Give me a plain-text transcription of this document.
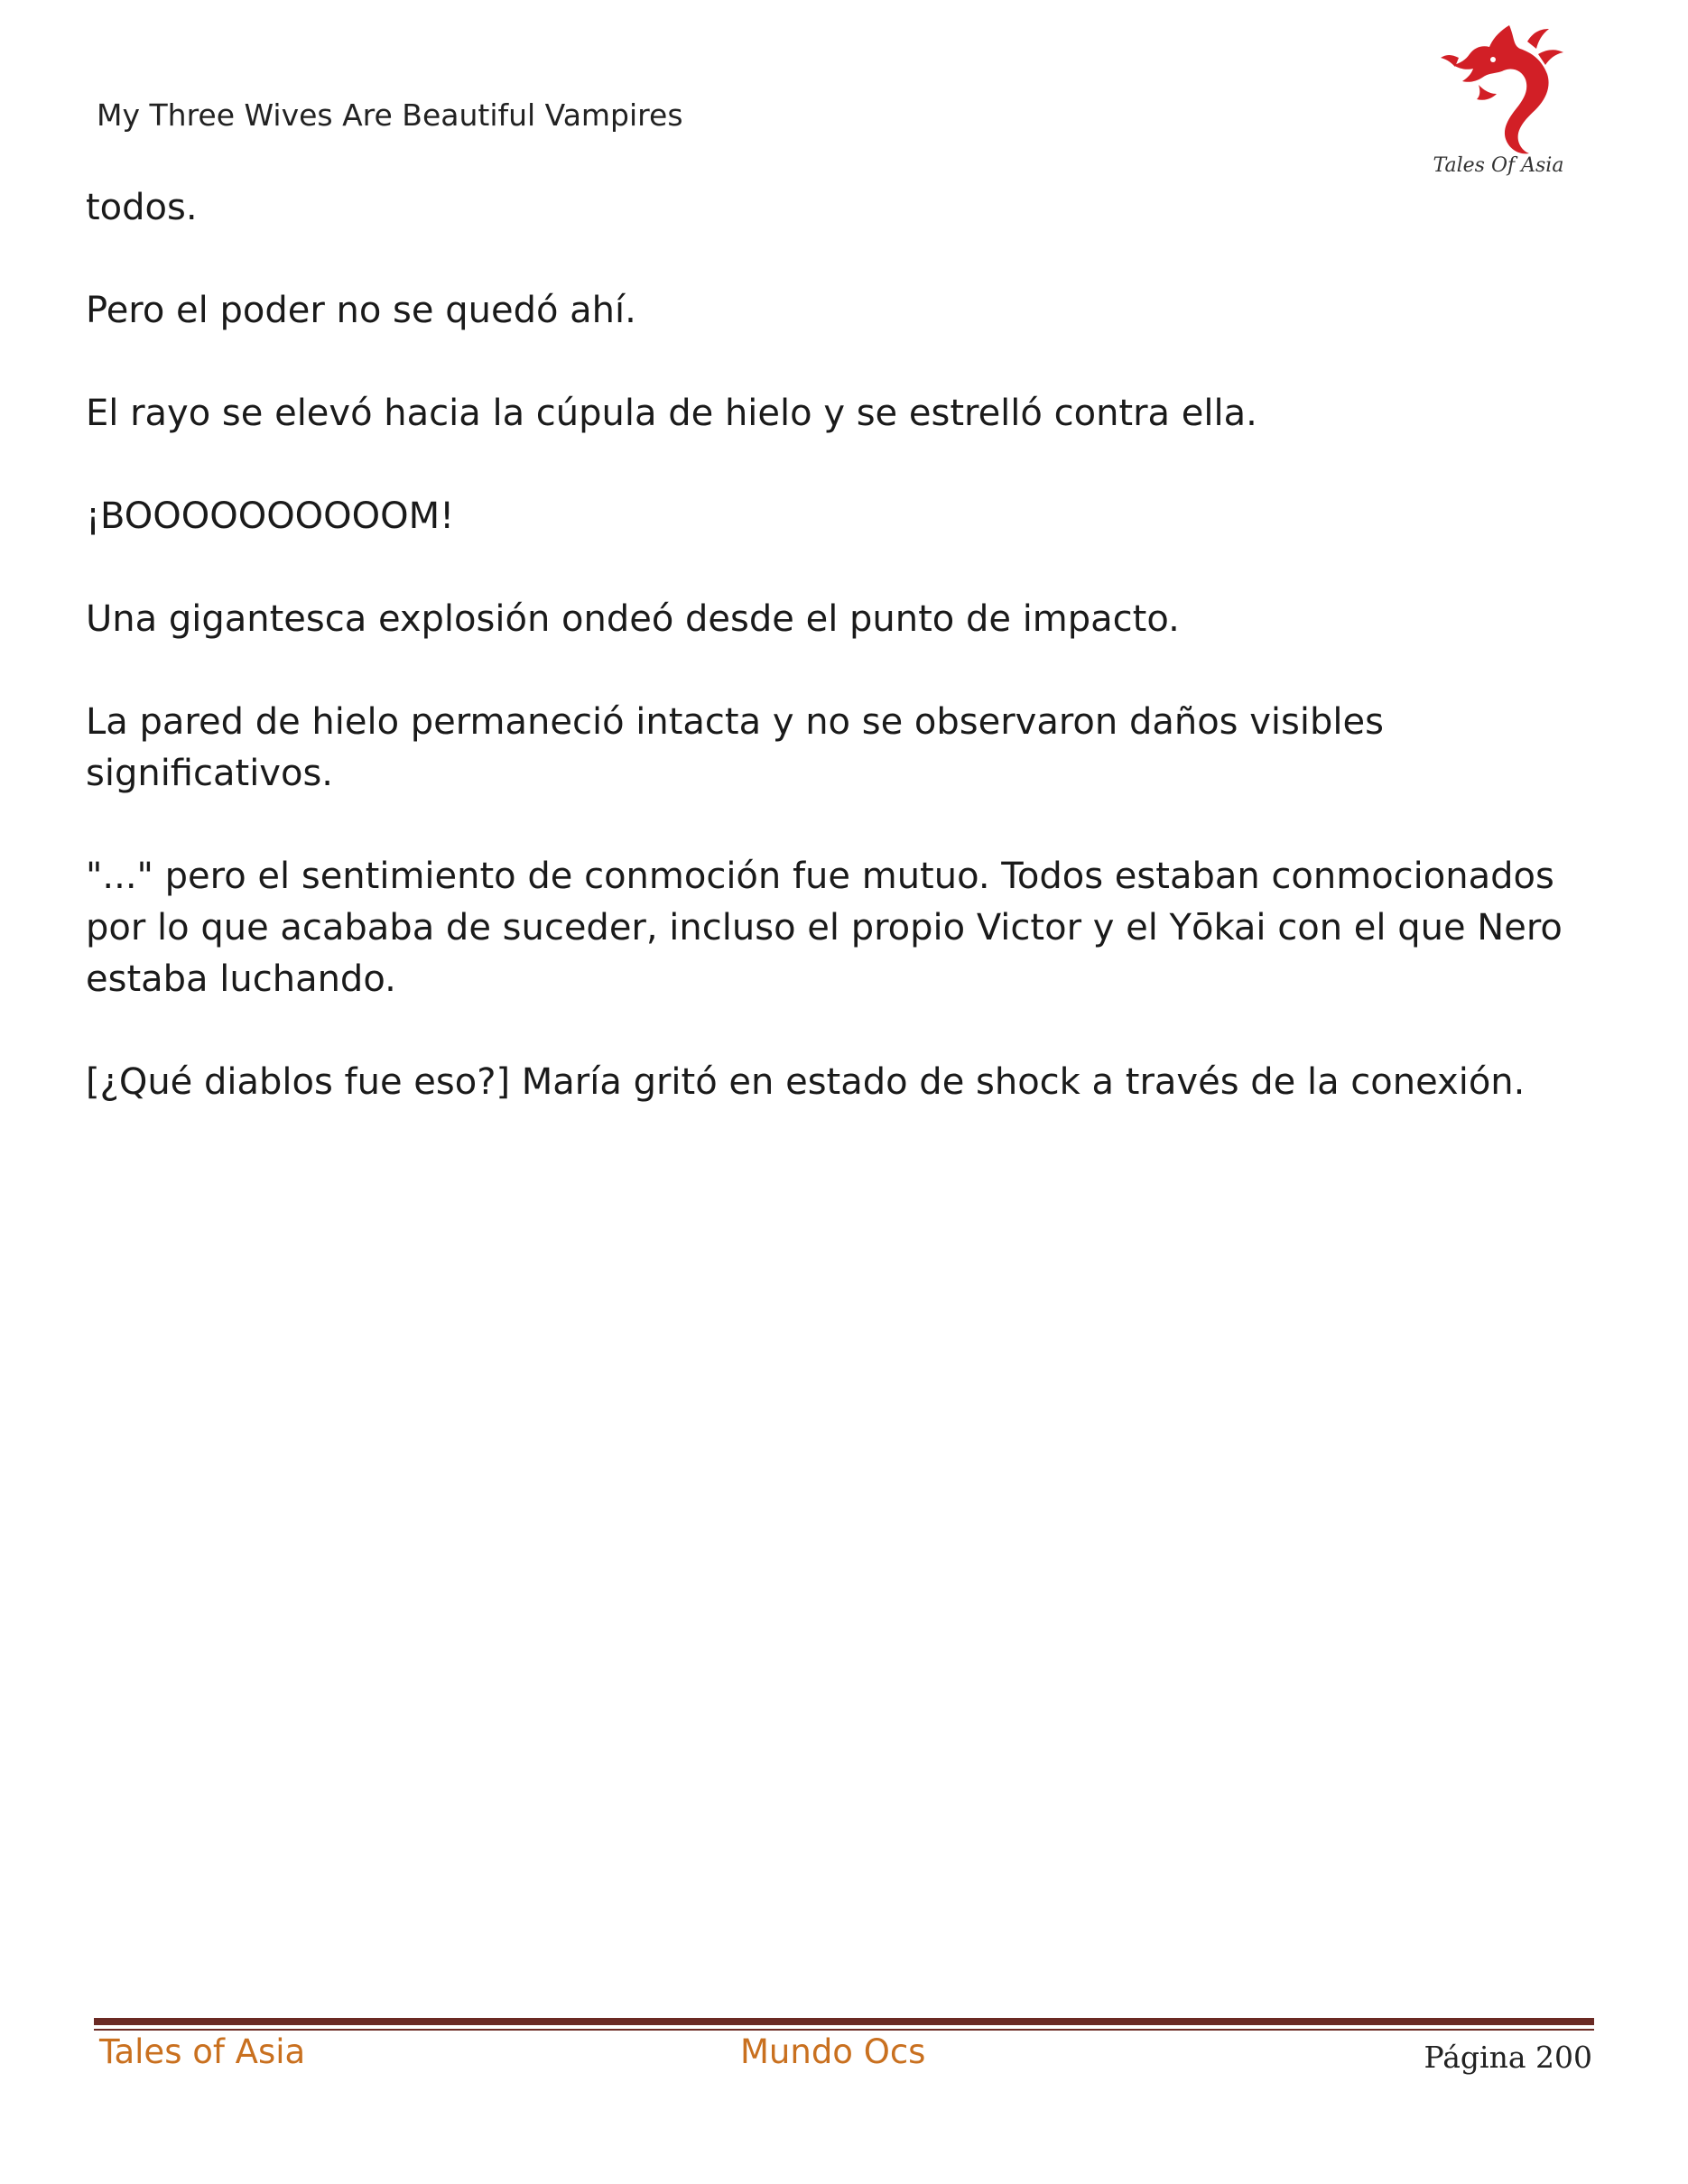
My Three Wives Are Beautiful Vampires
Tales Of Asia

todos.

Pero el poder no se quedó ahí.

El rayo se elevó hacia la cúpula de hielo y se estrelló contra ella.

¡BOOOOOOOOOOM!

Una gigantesca explosión ondeó desde el punto de impacto.

La pared de hielo permaneció intacta y no se observaron daños visibles significativos.

"..." pero el sentimiento de conmoción fue mutuo. Todos estaban conmocionados por lo que acababa de suceder, incluso el propio Victor y el Yōkai con el que Nero estaba luchando.

[¿Qué diablos fue eso?] María gritó en estado de shock a través de la conexión.

Tales of Asia	Mundo Ocs	Página 200
